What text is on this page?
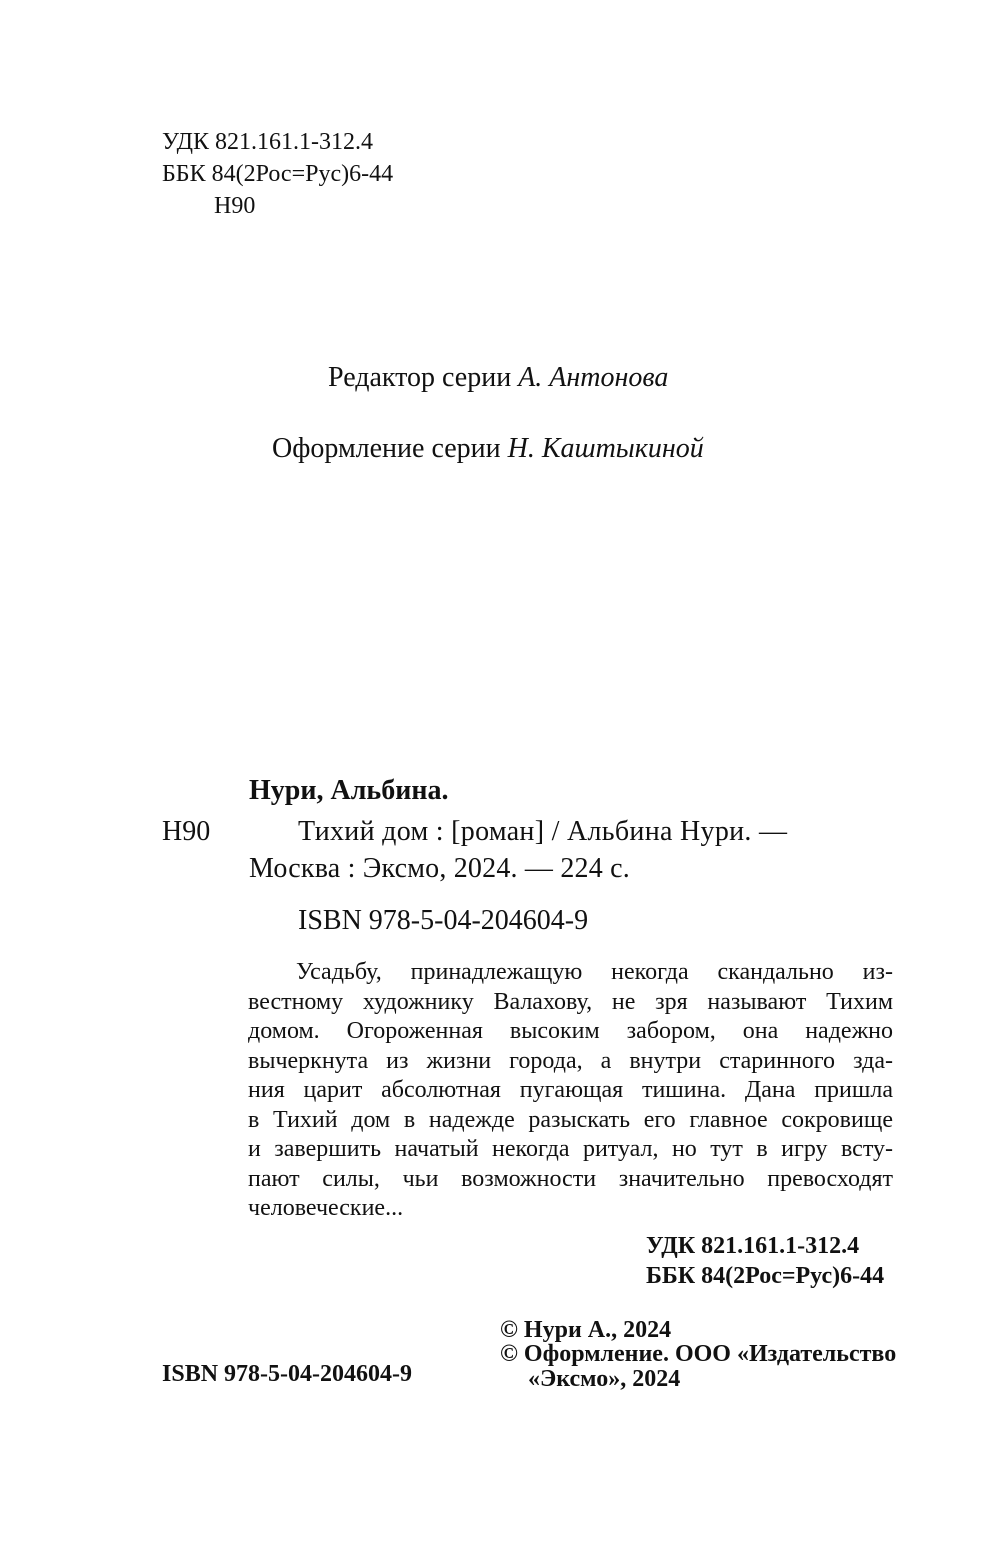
УДК 821.161.1-312.4
ББК 84(2Рос=Рус)6-44
Н90
Редактор серии А. Антонова
Оформление серии Н. Каштыкиной
Нури, Альбина.
Н90	Тихий дом : [роман] / Альбина Нури. —
Москва : Эксмо, 2024. — 224 с.
ISBN 978-5-04-204604-9
Усадьбу, принадлежащую некогда скандально из-
вестному художнику Валахову, не зря называют Тихим
домом. Огороженная высоким забором, она надежно
вычеркнута из жизни города, а внутри старинного зда-
ния царит абсолютная пугающая тишина. Дана пришла
в Тихий дом в надежде разыскать его главное сокровище
и завершить начатый некогда ритуал, но тут в игру всту-
пают силы, чьи возможности значительно превосходят
человеческие...
УДК 821.161.1-312.4
ББК 84(2Рос=Рус)6-44
ISBN 978-5-04-204604-9
© Нури А., 2024
© Оформление. ООО «Издательство
«Эксмо», 2024
